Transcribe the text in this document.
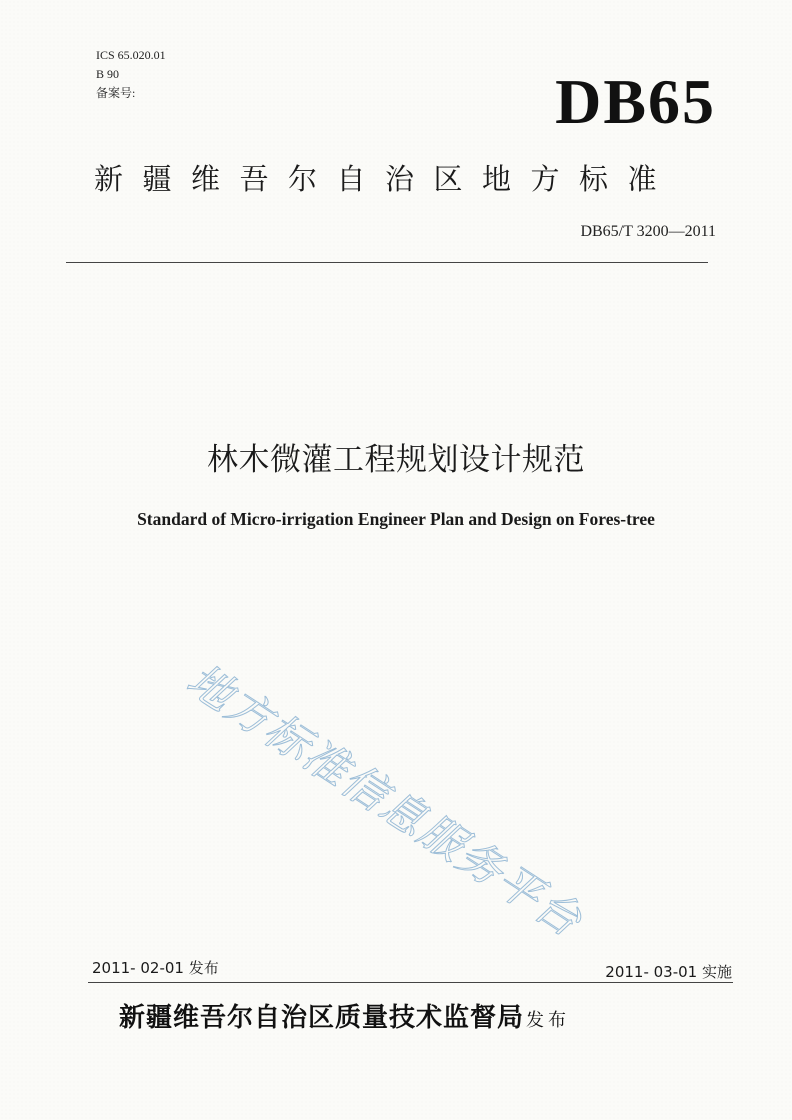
ICS 65.020.01
B 90
备案号:	DB65
新疆维吾尔自治区地方标准
DB65/T 3200—2011
林木微灌工程规划设计规范
Standard of Micro-irrigation Engineer Plan and Design on Fores-tree
地方标准信息服务平台
2011- 02-01 发布	2011- 03-01 实施
新疆维吾尔自治区质量技术监督局 发布
